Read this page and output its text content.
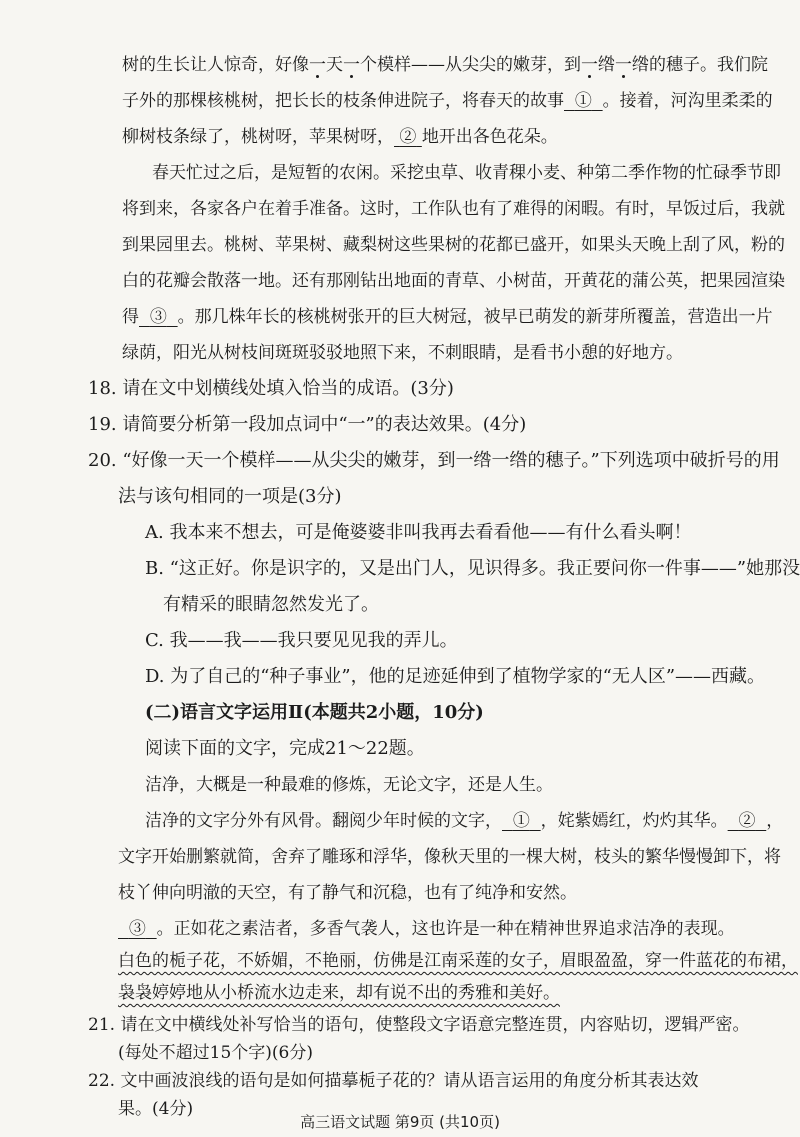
树的生长让人惊奇，好像一天一个模样——从尖尖的嫩芽，到一绺一绺的穗子。我们院
子外的那棵核桃树，把长长的枝条伸进院子，将春天的故事 ① 。接着，河沟里柔柔的
柳树枝条绿了，桃树呀，苹果树呀， ② 地开出各色花朵。
春天忙过之后，是短暂的农闲。采挖虫草、收青稞小麦、种第二季作物的忙碌季节即
将到来，各家各户在着手准备。这时，工作队也有了难得的闲暇。有时，早饭过后，我就
到果园里去。桃树、苹果树、藏梨树这些果树的花都已盛开，如果头天晚上刮了风，粉的
白的花瓣会散落一地。还有那刚钻出地面的青草、小树苗，开黄花的蒲公英，把果园渲染
得 ③ 。那几株年长的核桃树张开的巨大树冠，被早已萌发的新芽所覆盖，营造出一片
绿荫，阳光从树枝间斑斑驳驳地照下来，不刺眼睛，是看书小憩的好地方。
18. 请在文中划横线处填入恰当的成语。(3分)
19. 请简要分析第一段加点词中“一”的表达效果。(4分)
20. “好像一天一个模样——从尖尖的嫩芽，到一绺一绺的穗子。”下列选项中破折号的用
法与该句相同的一项是(3分)
A. 我本来不想去，可是俺婆婆非叫我再去看看他——有什么看头啊！
B. “这正好。你是识字的，又是出门人，见识得多。我正要问你一件事——”她那没
有精采的眼睛忽然发光了。
C. 我——我——我只要见见我的弄儿。
D. 为了自己的“种子事业”，他的足迹延伸到了植物学家的“无人区”——西藏。
(二)语言文字运用Ⅱ(本题共2小题，10分)
阅读下面的文字，完成21～22题。
洁净，大概是一种最难的修炼，无论文字，还是人生。
洁净的文字分外有风骨。翻阅少年时候的文字， ① ，姹紫嫣红，灼灼其华。 ② ，
文字开始删繁就简，舍弃了雕琢和浮华，像秋天里的一棵大树，枝头的繁华慢慢卸下，将
枝丫伸向明澈的天空，有了静气和沉稳，也有了纯净和安然。
③ 。正如花之素洁者，多香气袭人，这也许是一种在精神世界追求洁净的表现。
白色的栀子花，不娇媚，不艳丽，仿佛是江南采莲的女子，眉眼盈盈，穿一件蓝花的布裙，
袅袅婷婷地从小桥流水边走来，却有说不出的秀雅和美好。
高三语文试题 第9页 (共10页)
21. 请在文中横线处补写恰当的语句，使整段文字语意完整连贯，内容贴切，逻辑严密。
(每处不超过15个字)(6分)
22. 文中画波浪线的语句是如何描摹栀子花的？请从语言运用的角度分析其表达效
果。(4分)
